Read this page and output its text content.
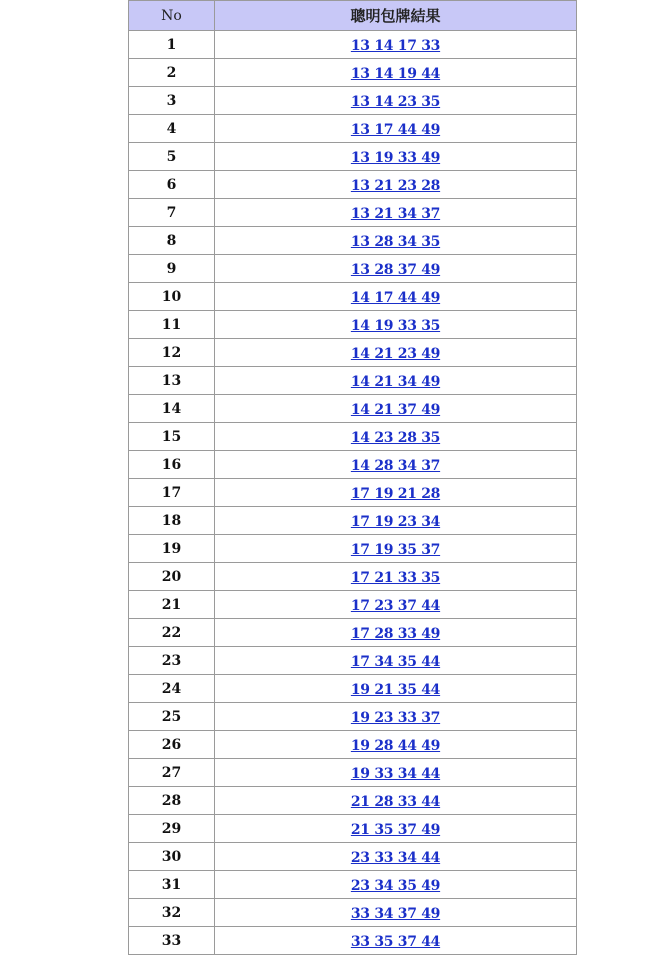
No	聰明包牌結果
1	13 14 17 33
2	13 14 19 44
3	13 14 23 35
4	13 17 44 49
5	13 19 33 49
6	13 21 23 28
7	13 21 34 37
8	13 28 34 35
9	13 28 37 49
10	14 17 44 49
11	14 19 33 35
12	14 21 23 49
13	14 21 34 49
14	14 21 37 49
15	14 23 28 35
16	14 28 34 37
17	17 19 21 28
18	17 19 23 34
19	17 19 35 37
20	17 21 33 35
21	17 23 37 44
22	17 28 33 49
23	17 34 35 44
24	19 21 35 44
25	19 23 33 37
26	19 28 44 49
27	19 33 34 44
28	21 28 33 44
29	21 35 37 49
30	23 33 34 44
31	23 34 35 49
32	33 34 37 49
33	33 35 37 44
